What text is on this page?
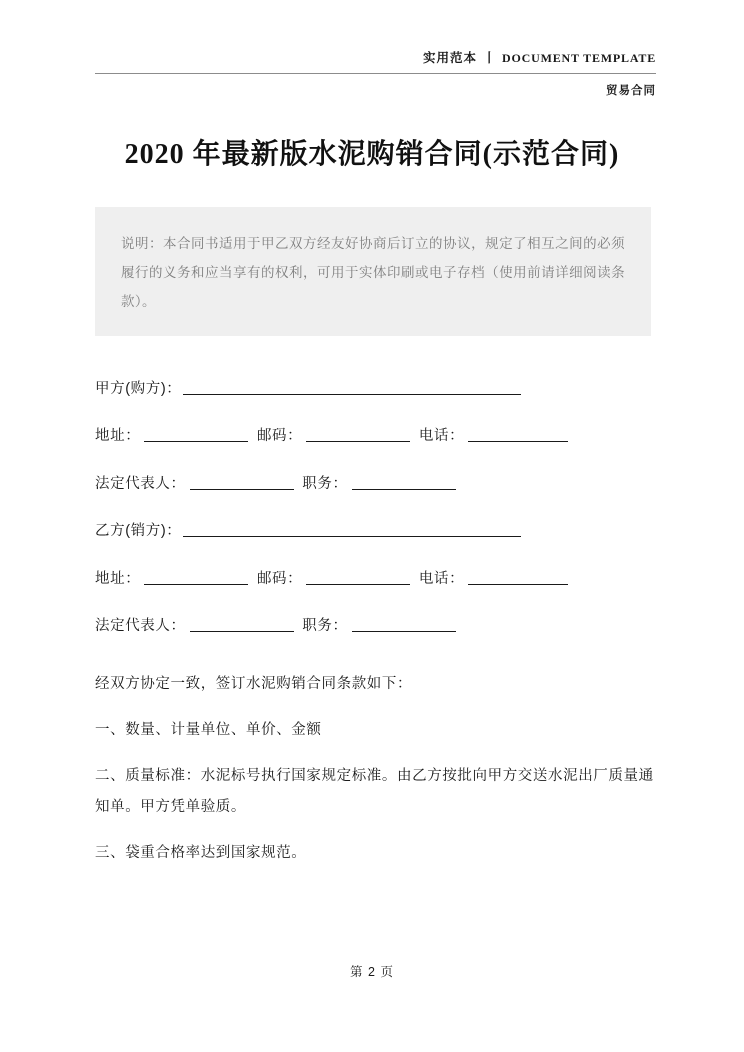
实用范本 丨 DOCUMENT TEMPLATE
贸易合同
2020 年最新版水泥购销合同(示范合同)
说明：本合同书适用于甲乙双方经友好协商后订立的协议，规定了相互之间的必须履行的义务和应当享有的权利，可用于实体印刷或电子存档（使用前请详细阅读条款）。
甲方(购方)：
地址：	邮码：	电话：
法定代表人：	职务：
乙方(销方)：
地址：	邮码：	电话：
法定代表人：	职务：
经双方协定一致，签订水泥购销合同条款如下：
一、数量、计量单位、单价、金额
二、质量标准：水泥标号执行国家规定标准。由乙方按批向甲方交送水泥出厂质量通知单。甲方凭单验质。
三、袋重合格率达到国家规范。
第 2 页
